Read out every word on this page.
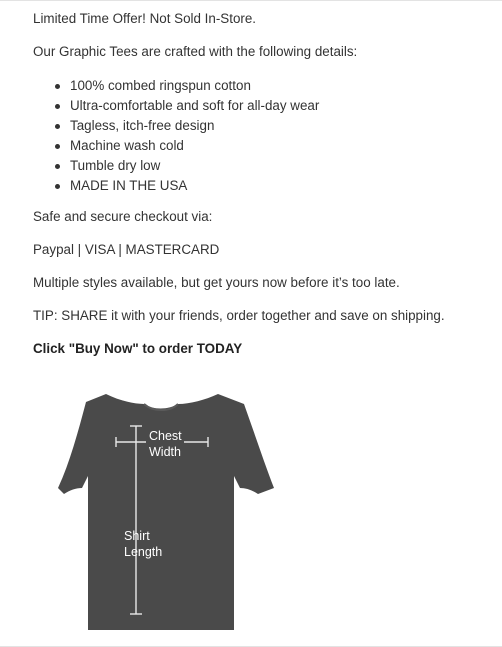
Limited Time Offer! Not Sold In-Store.
Our Graphic Tees are crafted with the following details:
100% combed ringspun cotton
Ultra-comfortable and soft for all-day wear
Tagless, itch-free design
Machine wash cold
Tumble dry low
MADE IN THE USA
Safe and secure checkout via:
Paypal | VISA | MASTERCARD
Multiple styles available, but get yours now before it’s too late.
TIP: SHARE it with your friends, order together and save on shipping.
Click "Buy Now" to order TODAY
Chest
Width
Shirt
Length
